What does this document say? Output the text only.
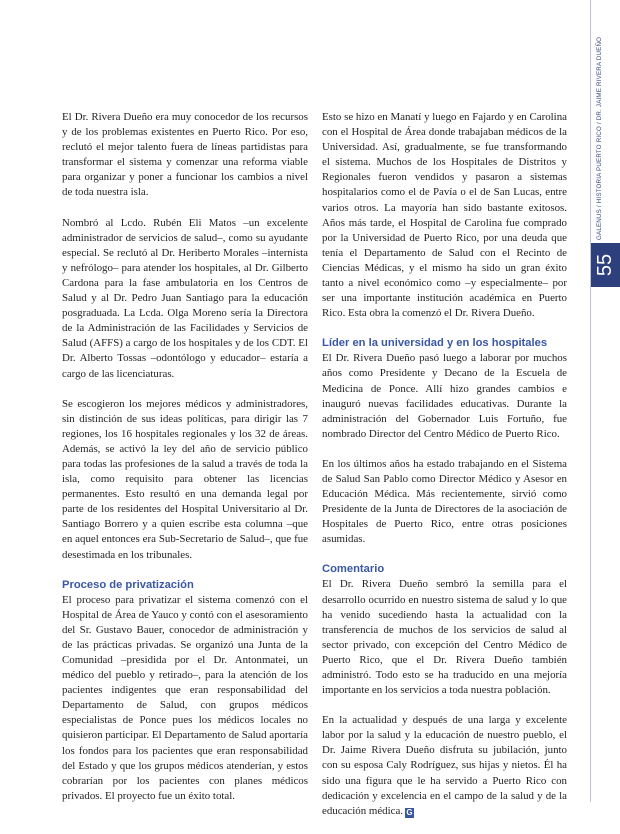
El Dr. Rivera Dueño era muy conocedor de los recursos y de los problemas existentes en Puerto Rico. Por eso, reclutó el mejor talento fuera de líneas partidistas para transformar el sistema y comenzar una reforma viable para organizar y poner a funcionar los cambios a nivel de toda nuestra isla.

Nombró al Lcdo. Rubén Eli Matos –un excelente administrador de servicios de salud–, como su ayudante especial. Se reclutó al Dr. Heriberto Morales –internista y nefrólogo– para atender los hospitales, al Dr. Gilberto Cardona para la fase ambulatoria en los Centros de Salud y al Dr. Pedro Juan Santiago para la educación posgraduada. La Lcda. Olga Moreno sería la Directora de la Administración de las Facilidades y Servicios de Salud (AFFS) a cargo de los hospitales y de los CDT. El Dr. Alberto Tossas –odontólogo y educador– estaría a cargo de las licenciaturas.

Se escogieron los mejores médicos y administradores, sin distinción de sus ideas políticas, para dirigir las 7 regiones, los 16 hospitales regionales y los 32 de áreas. Además, se activó la ley del año de servicio público para todas las profesiones de la salud a través de toda la isla, como requisito para obtener las licencias permanentes. Esto resultó en una demanda legal por parte de los residentes del Hospital Universitario al Dr. Santiago Borrero y a quien escribe esta columna –que en aquel entonces era Sub-Secretario de Salud–, que fue desestimada en los tribunales.

Proceso de privatización

El proceso para privatizar el sistema comenzó con el Hospital de Área de Yauco y contó con el asesoramiento del Sr. Gustavo Bauer, conocedor de administración y de las prácticas privadas. Se organizó una Junta de la Comunidad –presidida por el Dr. Antonmatei, un médico del pueblo y retirado–, para la atención de los pacientes indigentes que eran responsabilidad del Departamento de Salud, con grupos médicos especialistas de Ponce pues los médicos locales no quisieron participar. El Departamento de Salud aportaría los fondos para los pacientes que eran responsabilidad del Estado y que los grupos médicos atenderían, y estos cobrarían por los pacientes con planes médicos privados. El proyecto fue un éxito total.

Esto se hizo en Manatí y luego en Fajardo y en Carolina con el Hospital de Área donde trabajaban médicos de la Universidad. Así, gradualmente, se fue transformando el sistema. Muchos de los Hospitales de Distritos y Regionales fueron vendidos y pasaron a sistemas hospitalarios como el de Pavía o el de San Lucas, entre varios otros. La mayoría han sido bastante exitosos. Años más tarde, el Hospital de Carolina fue comprado por la Universidad de Puerto Rico, por una deuda que tenía el Departamento de Salud con el Recinto de Ciencias Médicas, y el mismo ha sido un gran éxito tanto a nivel económico como –y especialmente– por ser una importante institución académica en Puerto Rico. Esta obra la comenzó el Dr. Rivera Dueño.

Líder en la universidad y en los hospitales

El Dr. Rivera Dueño pasó luego a laborar por muchos años como Presidente y Decano de la Escuela de Medicina de Ponce. Allí hizo grandes cambios e inauguró nuevas facilidades educativas. Durante la administración del Gobernador Luis Fortuño, fue nombrado Director del Centro Médico de Puerto Rico.

En los últimos años ha estado trabajando en el Sistema de Salud San Pablo como Director Médico y Asesor en Educación Médica. Más recientemente, sirvió como Presidente de la Junta de Directores de la asociación de Hospitales de Puerto Rico, entre otras posiciones asumidas.

Comentario

El Dr. Rivera Dueño sembró la semilla para el desarrollo ocurrido en nuestro sistema de salud y lo que ha venido sucediendo hasta la actualidad con la transferencia de muchos de los servicios de salud al sector privado, con excepción del Centro Médico de Puerto Rico, que el Dr. Rivera Dueño también administró. Todo esto se ha traducido en una mejoría importante en los servicios a toda nuestra población.

En la actualidad y después de una larga y excelente labor por la salud y la educación de nuestro pueblo, el Dr. Jaime Rivera Dueño disfruta su jubilación, junto con su esposa Caly Rodríguez, sus hijas y nietos. Él ha sido una figura que le ha servido a Puerto Rico con dedicación y excelencia en el campo de la salud y de la educación médica. G

GALENUS / HISTORIA PUERTO RICO / DR. JAIME RIVERA DUEÑO
55
